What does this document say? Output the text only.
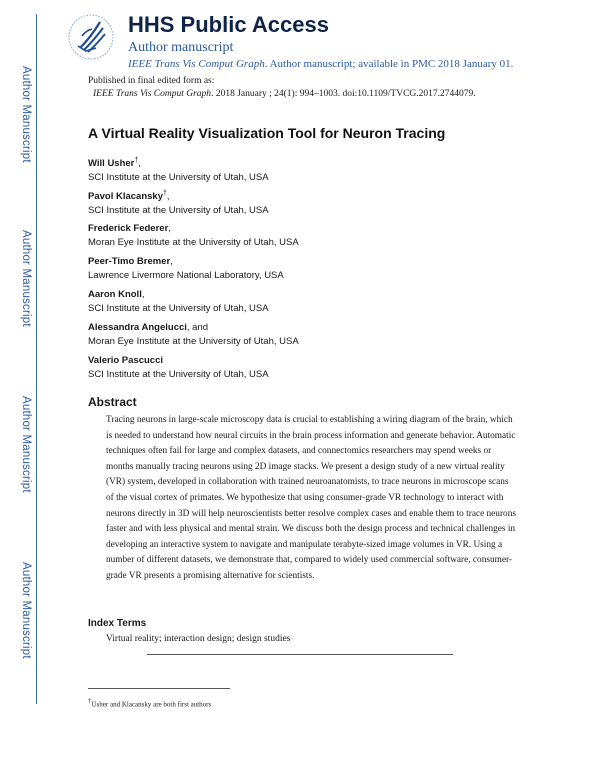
Author Manuscript
Author Manuscript
Author Manuscript
Author Manuscript
HHS Public Access
Author manuscript
IEEE Trans Vis Comput Graph. Author manuscript; available in PMC 2018 January 01.
Published in final edited form as:
IEEE Trans Vis Comput Graph. 2018 January ; 24(1): 994–1003. doi:10.1109/TVCG.2017.2744079.
A Virtual Reality Visualization Tool for Neuron Tracing
Will Usher†,
SCI Institute at the University of Utah, USA
Pavol Klacansky†,
SCI Institute at the University of Utah, USA
Frederick Federer,
Moran Eye Institute at the University of Utah, USA
Peer-Timo Bremer,
Lawrence Livermore National Laboratory, USA
Aaron Knoll,
SCI Institute at the University of Utah, USA
Alessandra Angelucci, and
Moran Eye Institute at the University of Utah, USA
Valerio Pascucci
SCI Institute at the University of Utah, USA
Abstract
Tracing neurons in large-scale microscopy data is crucial to establishing a wiring diagram of the brain, which is needed to understand how neural circuits in the brain process information and generate behavior. Automatic techniques often fail for large and complex datasets, and connectomics researchers may spend weeks or months manually tracing neurons using 2D image stacks. We present a design study of a new virtual reality (VR) system, developed in collaboration with trained neuroanatomists, to trace neurons in microscope scans of the visual cortex of primates. We hypothesize that using consumer-grade VR technology to interact with neurons directly in 3D will help neuroscientists better resolve complex cases and enable them to trace neurons faster and with less physical and mental strain. We discuss both the design process and technical challenges in developing an interactive system to navigate and manipulate terabyte-sized image volumes in VR. Using a number of different datasets, we demonstrate that, compared to widely used commercial software, consumer-grade VR presents a promising alternative for scientists.
Index Terms
Virtual reality; interaction design; design studies
†Usher and Klacansky are both first authors
